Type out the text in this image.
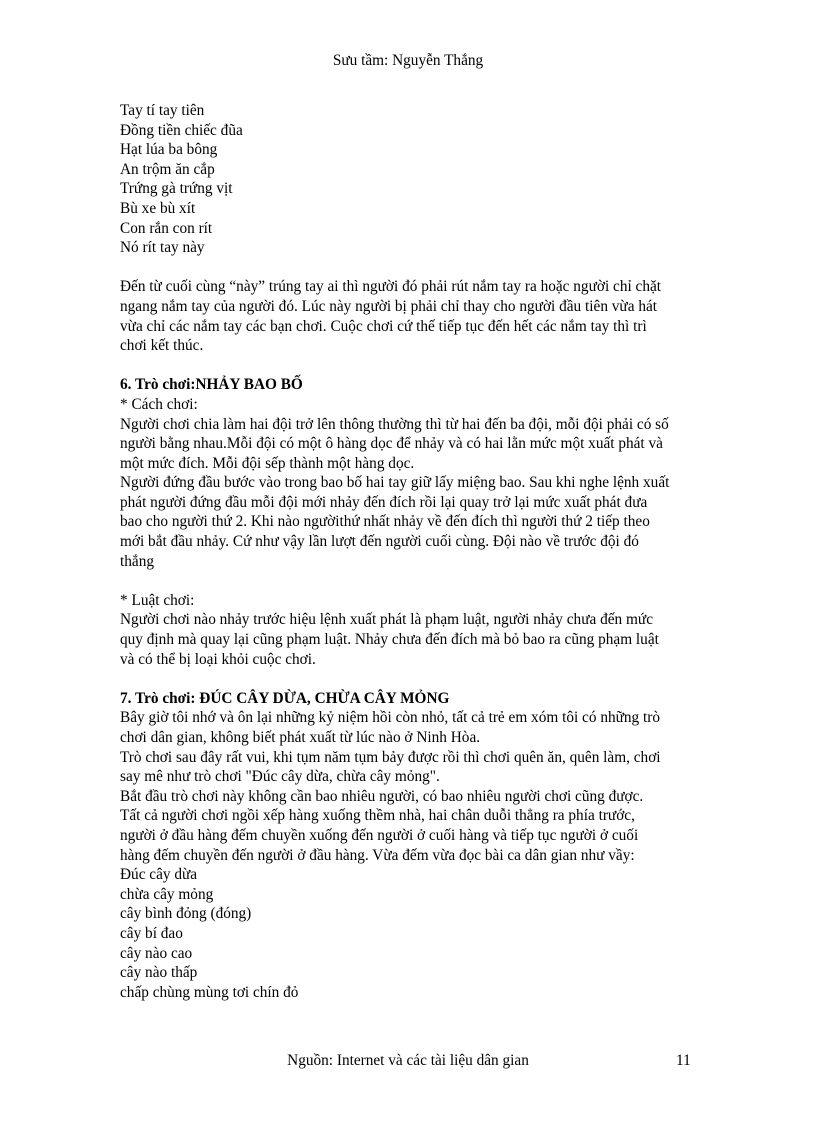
Sưu tầm: Nguyễn Thắng

Tay tí tay tiên

Đồng tiền chiếc đũa

Hạt lúa ba bông

An trộm ăn cắp

Trứng gà trứng vịt

Bù xe bù xít

Con rắn con rít

Nó rít tay này

Đến từ cuối cùng “này” trúng tay ai thì người đó phải rút nắm tay ra hoặc người chỉ chặt

ngang nắm tay của người đó. Lúc này người bị phải chỉ thay cho người đầu tiên vừa hát

vừa chỉ các nắm tay các bạn chơi. Cuộc chơi cứ thế tiếp tục đến hết các nắm tay thì trì

chơi kết thúc.

6. Trò chơi:NHẢY BAO BỐ

* Cách chơi:

Người chơi chia làm hai đội trở lên thông thường thì từ hai đến ba đội, mỗi đội phải có số

người bằng nhau.Mỗi đội có một ô hàng dọc để nhảy và có hai lằn mức một xuất phát và

một mức đích. Mỗi đội sếp thành một hàng dọc.

Người đứng đầu bước vào trong bao bố hai tay giữ lấy miệng bao. Sau khi nghe lệnh xuất

phát người đứng đầu mỗi đội mới nhảy đến đích rồi lại quay trở lại mức xuất phát đưa

bao cho người thứ 2. Khi nào ngườithứ nhất nhảy về đến đích thì người thứ 2 tiếp theo

mới bắt đầu nhảy. Cứ như vậy lần lượt đến người cuối cùng. Đội nào về trước đội đó

thắng

* Luật chơi:

Người chơi nào nhảy trước hiệu lệnh xuất phát là phạm luật, người nhảy chưa đến mức

quy định mà quay lại cũng phạm luật. Nhảy chưa đến đích mà bỏ bao ra cũng phạm luật

và có thể bị loại khỏi cuộc chơi.

7. Trò chơi: ĐÚC CÂY DỪA, CHỪA CÂY MỎNG

Bây giờ tôi nhớ và ôn lại những kỷ niệm hồi còn nhỏ, tất cả trẻ em xóm tôi có những trò

chơi dân gian, không biết phát xuất từ lúc nào ở Ninh Hòa.

Trò chơi sau đây rất vui, khi tụm năm tụm bảy được rồi thì chơi quên ăn, quên làm, chơi

say mê như trò chơi "Đúc cây dừa, chừa cây mỏng".

Bắt đầu trò chơi này không cần bao nhiêu người, có bao nhiêu người chơi cũng được.

Tất cả người chơi ngồi xếp hàng xuống thềm nhà, hai chân duỗi thẳng ra phía trước,

người ở đầu hàng đếm chuyền xuống đến người ở cuối hàng và tiếp tục người ở cuối

hàng đếm chuyền đến người ở đầu hàng. Vừa đếm vừa đọc bài ca dân gian như vầy:

Đúc cây dừa

chừa cây mỏng

cây bình đỏng (đóng)

cây bí đao

cây nào cao

cây nào thấp

chấp chùng mùng tơi chín đỏ

Nguồn: Internet và các tài liệu dân gian	11
